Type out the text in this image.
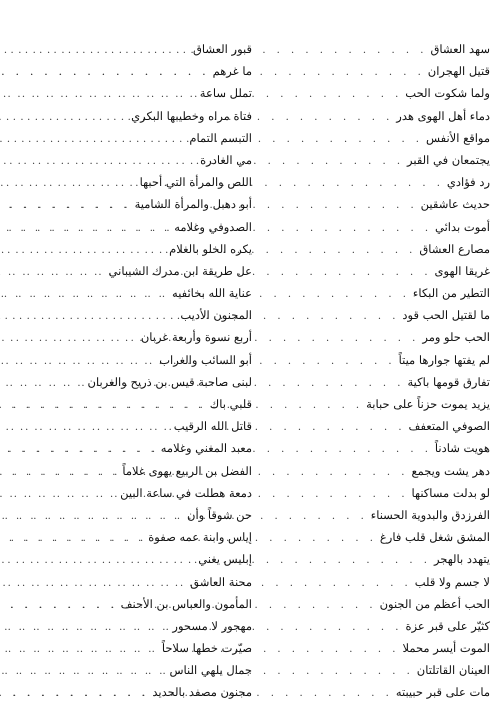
سهد العشاق
. . .
قتيل الهجران
. . .
ولما شكوت الحب
. . .
دماء أهل الهوى هدر
. . .
مواقع الأنفس
. . .
يجتمعان في القبر
. . .
رد فؤادي
. . .
حديث عاشقين
. . .
أموت بدائي
. . .
مصارع العشاق
. . .
غريقا الهوى
. . .
التطير من البكاء
. . .
ما لقتيل الحب قود
. . .
الحب حلو ومر
. . .
لم يفتها جوارها ميتاً
. . .
تفارق قومها باكية
. . .
يزيد يموت حزناً على حبابة
. . .
الصوفي المتعفف
. . .
هويت شادناً
. . .
دهر يشت ويجمع
. . .
لو بدلت مساكنها
. . .
الفرزدق والبدوية الحسناء
. . .
المشق شغل قلب فارغ
. . .
يتهدد بالهجر
. . .
لا جسم ولا قلب
. . .
الحب أعظم من الجنون
. . .
كثيّر على قبر عزة
. . .
الموت أيسر محملا
. . .
العينان القاتلتان
. . .
مات على قبر حبيبته
. . .
قبور العشاق
. . .
ما غرهم
. . .
تملل ساعة
. . .
فتاة مراه وخطيبها البكري
. . .
التبسم التمام
. . .
مي الغادرة
. . .
اللص والمرأة التي أحبها
. . .
أبو دهبل والمرأة الشامية
. . .
الصدوفي وغلامه
. . .
يكره الخلو بالغلام
. . .
عل طريقة ابن مدرك الشيباني
. . .
عناية الله بخائفيه
. . .
المجنون الأديب
. . .
أربع نسوة وأربعة غربان
. . .
أبو السائب والغراب
. . .
لبنى صاحبة قيس بن ذريح والغربان
. . .
قلبي باك
. . .
قاتل الله الرقيب
. . .
معبد المغني وغلامه
. . .
الفضل بن الربيع يهوى غلاماً
. . .
دمعة هطلت في ساعة البين
. . .
حن شوقاً وأن
. . .
إياس وابنة عمه صفوة
. . .
إبليس يغني
. . .
محنة العاشق
. . .
المأمون والعباس بن الأحنف
. . .
مهجور لا مسحور
. . .
صيّرت خطها سلاحاً
. . .
جمال يلهي الناس
. . .
مجنون مصفد بالحديد
. . .
